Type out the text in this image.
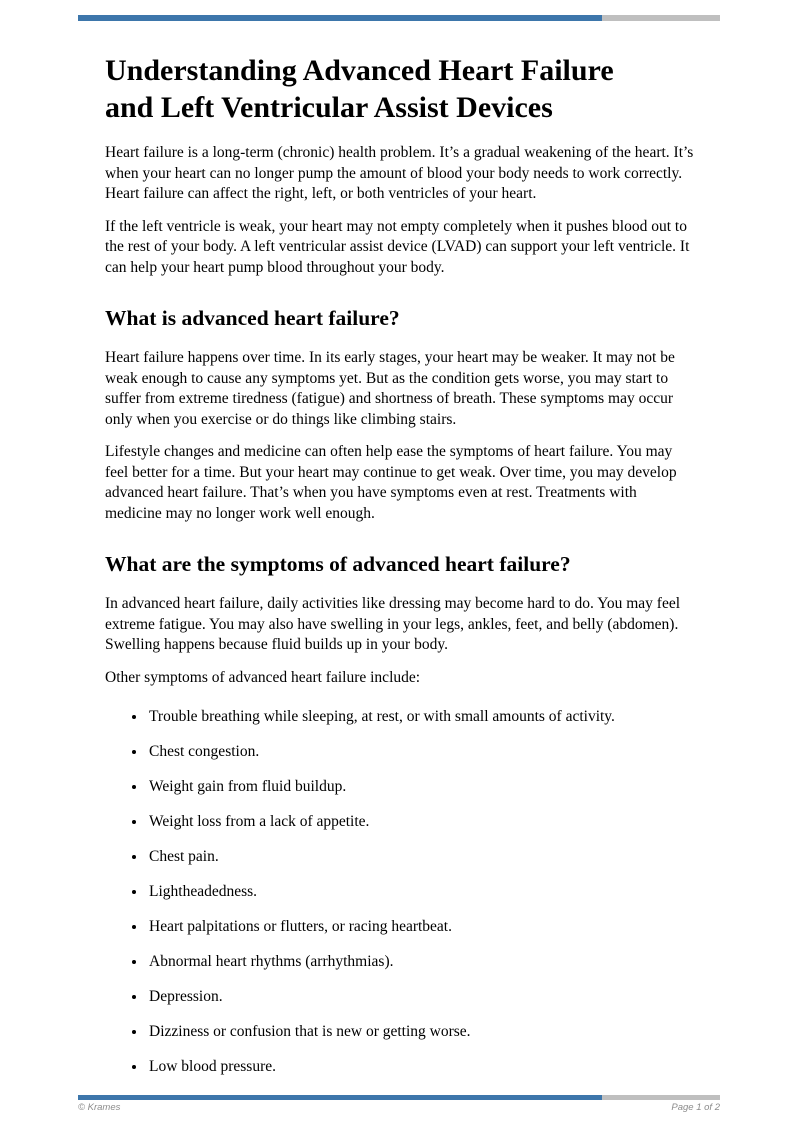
Understanding Advanced Heart Failure
and Left Ventricular Assist Devices

Heart failure is a long-term (chronic) health problem. It’s a gradual weakening of the heart. It’s when your heart can no longer pump the amount of blood your body needs to work correctly. Heart failure can affect the right, left, or both ventricles of your heart.

If the left ventricle is weak, your heart may not empty completely when it pushes blood out to the rest of your body. A left ventricular assist device (LVAD) can support your left ventricle. It can help your heart pump blood throughout your body.

What is advanced heart failure?

Heart failure happens over time. In its early stages, your heart may be weaker. It may not be weak enough to cause any symptoms yet. But as the condition gets worse, you may start to suffer from extreme tiredness (fatigue) and shortness of breath. These symptoms may occur only when you exercise or do things like climbing stairs.

Lifestyle changes and medicine can often help ease the symptoms of heart failure. You may feel better for a time. But your heart may continue to get weak. Over time, you may develop advanced heart failure. That’s when you have symptoms even at rest. Treatments with medicine may no longer work well enough.

What are the symptoms of advanced heart failure?

In advanced heart failure, daily activities like dressing may become hard to do. You may feel extreme fatigue. You may also have swelling in your legs, ankles, feet, and belly (abdomen). Swelling happens because fluid builds up in your body.

Other symptoms of advanced heart failure include:

• Trouble breathing while sleeping, at rest, or with small amounts of activity.
• Chest congestion.
• Weight gain from fluid buildup.
• Weight loss from a lack of appetite.
• Chest pain.
• Lightheadedness.
• Heart palpitations or flutters, or racing heartbeat.
• Abnormal heart rhythms (arrhythmias).
• Depression.
• Dizziness or confusion that is new or getting worse.
• Low blood pressure.
© Krames	Page 1 of 2
